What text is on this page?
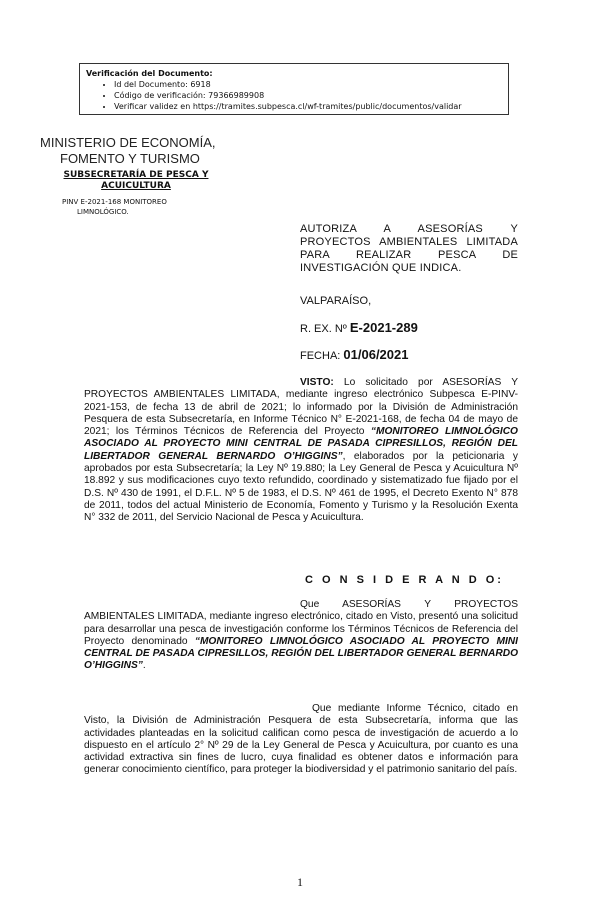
Verificación del Documento:
• Id del Documento: 6918
• Código de verificación: 79366989908
• Verificar validez en https://tramites.subpesca.cl/wf-tramites/public/documentos/validar
MINISTERIO DE ECONOMÍA,
FOMENTO Y TURISMO
SUBSECRETARÍA DE PESCA Y
ACUICULTURA
PINV E-2021-168 MONITOREO
LIMNOLÓGICO.
AUTORIZA A ASESORÍAS Y PROYECTOS AMBIENTALES LIMITADA PARA REALIZAR PESCA DE INVESTIGACIÓN QUE INDICA.
VALPARAÍSO,
R. EX. Nº E-2021-289
FECHA: 01/06/2021
VISTO: Lo solicitado por ASESORÍAS Y PROYECTOS AMBIENTALES LIMITADA, mediante ingreso electrónico Subpesca E-PINV-2021-153, de fecha 13 de abril de 2021; lo informado por la División de Administración Pesquera de esta Subsecretaría, en Informe Técnico N° E-2021-168, de fecha 04 de mayo de 2021; los Términos Técnicos de Referencia del Proyecto “MONITOREO LIMNOLÓGICO ASOCIADO AL PROYECTO MINI CENTRAL DE PASADA CIPRESILLOS, REGIÓN DEL LIBERTADOR GENERAL BERNARDO O’HIGGINS”, elaborados por la peticionaria y aprobados por esta Subsecretaría; la Ley Nº 19.880; la Ley General de Pesca y Acuicultura Nº 18.892 y sus modificaciones cuyo texto refundido, coordinado y sistematizado fue fijado por el D.S. Nº 430 de 1991, el D.F.L. Nº 5 de 1983, el D.S. Nº 461 de 1995, el Decreto Exento N° 878 de 2011, todos del actual Ministerio de Economía, Fomento y Turismo y la Resolución Exenta N° 332 de 2011, del Servicio Nacional de Pesca y Acuicultura.
C O N S I D E R A N D O:
Que ASESORÍAS Y PROYECTOS AMBIENTALES LIMITADA, mediante ingreso electrónico, citado en Visto, presentó una solicitud para desarrollar una pesca de investigación conforme los Términos Técnicos de Referencia del Proyecto denominado “MONITOREO LIMNOLÓGICO ASOCIADO AL PROYECTO MINI CENTRAL DE PASADA CIPRESILLOS, REGIÓN DEL LIBERTADOR GENERAL BERNARDO O’HIGGINS”.
Que mediante Informe Técnico, citado en Visto, la División de Administración Pesquera de esta Subsecretaría, informa que las actividades planteadas en la solicitud califican como pesca de investigación de acuerdo a lo dispuesto en el artículo 2° Nº 29 de la Ley General de Pesca y Acuicultura, por cuanto es una actividad extractiva sin fines de lucro, cuya finalidad es obtener datos e información para generar conocimiento científico, para proteger la biodiversidad y el patrimonio sanitario del país.
1
